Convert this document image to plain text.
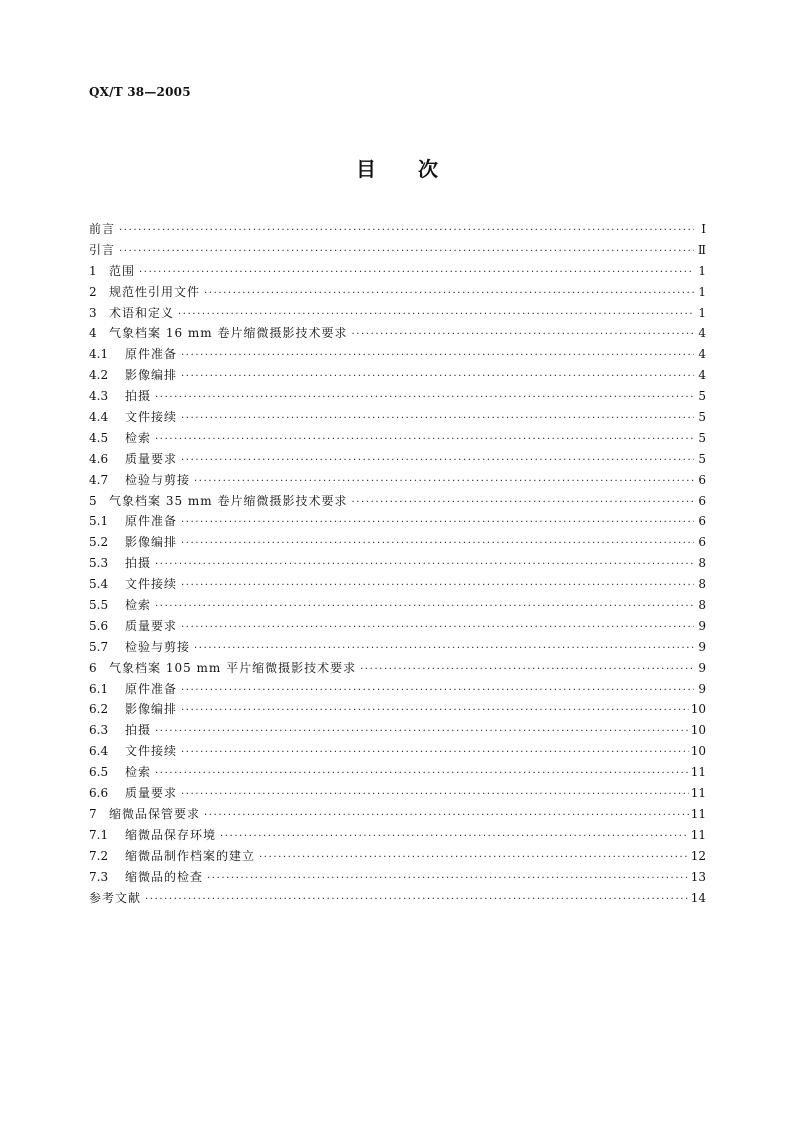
QX/T 38—2005
目次
前言 ·····	Ⅰ
引言 ·····	Ⅱ
1	范围 ·····	1
2	规范性引用文件 ·····	1
3	术语和定义 ·····	1
4	气象档案 16 mm 卷片缩微摄影技术要求 ·····	4
4.1	原件准备 ·····	4
4.2	影像编排 ·····	4
4.3	拍摄 ·····	5
4.4	文件接续 ·····	5
4.5	检索 ·····	5
4.6	质量要求 ·····	5
4.7	检验与剪接 ·····	6
5	气象档案 35 mm 卷片缩微摄影技术要求 ·····	6
5.1	原件准备 ·····	6
5.2	影像编排 ·····	6
5.3	拍摄 ·····	8
5.4	文件接续 ·····	8
5.5	检索 ·····	8
5.6	质量要求 ·····	9
5.7	检验与剪接 ·····	9
6	气象档案 105 mm 平片缩微摄影技术要求 ·····	9
6.1	原件准备 ·····	9
6.2	影像编排 ·····	10
6.3	拍摄 ·····	10
6.4	文件接续 ·····	10
6.5	检索 ·····	11
6.6	质量要求 ·····	11
7	缩微品保管要求 ·····	11
7.1	缩微品保存环境 ·····	11
7.2	缩微品制作档案的建立 ·····	12
7.3	缩微品的检查 ·····	13
参考文献 ·····	14
